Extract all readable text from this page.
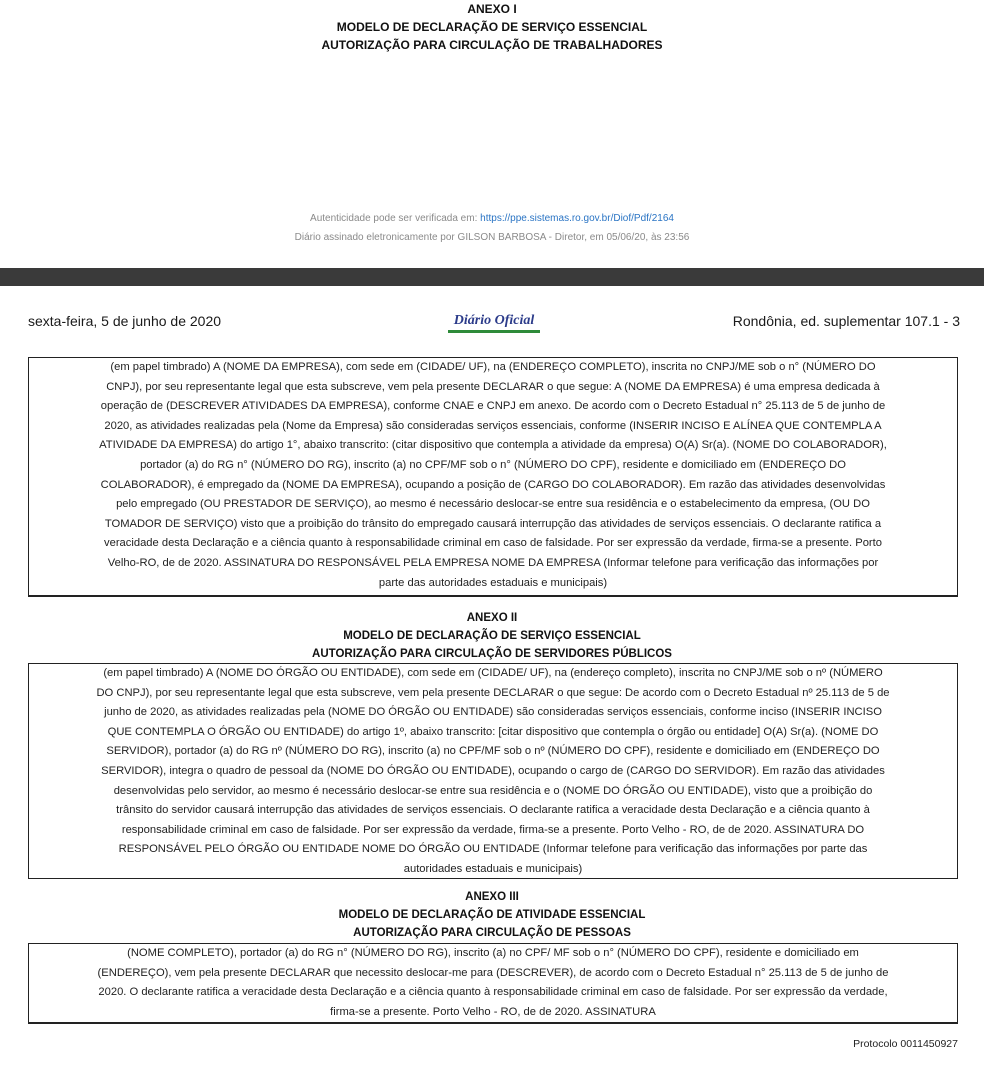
ANEXO I
MODELO DE DECLARAÇÃO DE SERVIÇO ESSENCIAL
AUTORIZAÇÃO PARA CIRCULAÇÃO DE TRABALHADORES
Autenticidade pode ser verificada em: https://ppe.sistemas.ro.gov.br/Diof/Pdf/2164
Diário assinado eletronicamente por GILSON BARBOSA - Diretor, em 05/06/20, às 23:56
sexta-feira, 5 de junho de 2020	Diário Oficial	Rondônia, ed. suplementar 107.1 - 3
(em papel timbrado) A (NOME DA EMPRESA), com sede em (CIDADE/ UF), na (ENDEREÇO COMPLETO), inscrita no CNPJ/ME sob o n° (NÚMERO DO
CNPJ), por seu representante legal que esta subscreve, vem pela presente DECLARAR o que segue: A (NOME DA EMPRESA) é uma empresa dedicada à
operação de (DESCREVER ATIVIDADES DA EMPRESA), conforme CNAE e CNPJ em anexo. De acordo com o Decreto Estadual n° 25.113 de 5 de junho de
2020, as atividades realizadas pela (Nome da Empresa) são consideradas serviços essenciais, conforme (INSERIR INCISO E ALÍNEA QUE CONTEMPLA A
ATIVIDADE DA EMPRESA) do artigo 1°, abaixo transcrito: (citar dispositivo que contempla a atividade da empresa) O(A) Sr(a). (NOME DO COLABORADOR),
portador (a) do RG n° (NÚMERO DO RG), inscrito (a) no CPF/MF sob o n° (NÚMERO DO CPF), residente e domiciliado em (ENDEREÇO DO
COLABORADOR), é empregado da (NOME DA EMPRESA), ocupando a posição de (CARGO DO COLABORADOR). Em razão das atividades desenvolvidas
pelo empregado (OU PRESTADOR DE SERVIÇO), ao mesmo é necessário deslocar-se entre sua residência e o estabelecimento da empresa, (OU DO
TOMADOR DE SERVIÇO) visto que a proibição do trânsito do empregado causará interrupção das atividades de serviços essenciais. O declarante ratifica a
veracidade desta Declaração e a ciência quanto à responsabilidade criminal em caso de falsidade. Por ser expressão da verdade, firma-se a presente. Porto
Velho-RO, de de 2020. ASSINATURA DO RESPONSÁVEL PELA EMPRESA NOME DA EMPRESA (Informar telefone para verificação das informações por
parte das autoridades estaduais e municipais)
ANEXO II
MODELO DE DECLARAÇÃO DE SERVIÇO ESSENCIAL
AUTORIZAÇÃO PARA CIRCULAÇÃO DE SERVIDORES PÚBLICOS
(em papel timbrado) A (NOME DO ÓRGÃO OU ENTIDADE), com sede em (CIDADE/ UF), na (endereço completo), inscrita no CNPJ/ME sob o nº (NÚMERO
DO CNPJ), por seu representante legal que esta subscreve, vem pela presente DECLARAR o que segue: De acordo com o Decreto Estadual nº 25.113 de 5 de
junho de 2020, as atividades realizadas pela (NOME DO ÓRGÃO OU ENTIDADE) são consideradas serviços essenciais, conforme inciso (INSERIR INCISO
QUE CONTEMPLA O ÓRGÃO OU ENTIDADE) do artigo 1º, abaixo transcrito: [citar dispositivo que contempla o órgão ou entidade] O(A) Sr(a). (NOME DO
SERVIDOR), portador (a) do RG nº (NÚMERO DO RG), inscrito (a) no CPF/MF sob o nº (NÚMERO DO CPF), residente e domiciliado em (ENDEREÇO DO
SERVIDOR), integra o quadro de pessoal da (NOME DO ÓRGÃO OU ENTIDADE), ocupando o cargo de (CARGO DO SERVIDOR). Em razão das atividades
desenvolvidas pelo servidor, ao mesmo é necessário deslocar-se entre sua residência e o (NOME DO ÓRGÃO OU ENTIDADE), visto que a proibição do
trânsito do servidor causará interrupção das atividades de serviços essenciais. O declarante ratifica a veracidade desta Declaração e a ciência quanto à
responsabilidade criminal em caso de falsidade. Por ser expressão da verdade, firma-se a presente. Porto Velho - RO, de de 2020. ASSINATURA DO
RESPONSÁVEL PELO ÓRGÃO OU ENTIDADE NOME DO ÓRGÃO OU ENTIDADE (Informar telefone para verificação das informações por parte das
autoridades estaduais e municipais)
ANEXO III
MODELO DE DECLARAÇÃO DE ATIVIDADE ESSENCIAL
AUTORIZAÇÃO PARA CIRCULAÇÃO DE PESSOAS
(NOME COMPLETO), portador (a) do RG n° (NÚMERO DO RG), inscrito (a) no CPF/ MF sob o n° (NÚMERO DO CPF), residente e domiciliado em
(ENDEREÇO), vem pela presente DECLARAR que necessito deslocar-me para (DESCREVER), de acordo com o Decreto Estadual n° 25.113 de 5 de junho de
2020. O declarante ratifica a veracidade desta Declaração e a ciência quanto à responsabilidade criminal em caso de falsidade. Por ser expressão da verdade,
firma-se a presente. Porto Velho - RO, de de 2020. ASSINATURA
Protocolo 0011450927
